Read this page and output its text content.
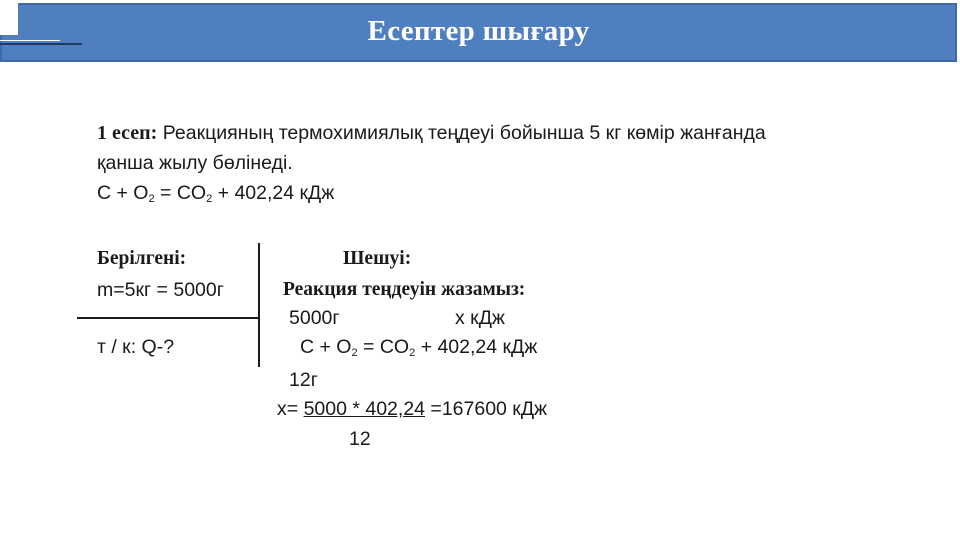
Есептер шығару
1 есеп: Реакцияның термохимиялық теңдеуі бойынша 5 кг көмір жанғанда
қанша жылу бөлінеді.
$C + O_2 = CO_2 + 402,24$ кДж
Берілгені:
m=5кг = 5000г
т / к: Q-?
Шешуі:
Реакция теңдеуін жазамыз:
5000г	х кДж
$C + O_2 = CO_2 + 402,24$ кДж
12г
х= 5000 * 402,24 =167600 кДж
12
